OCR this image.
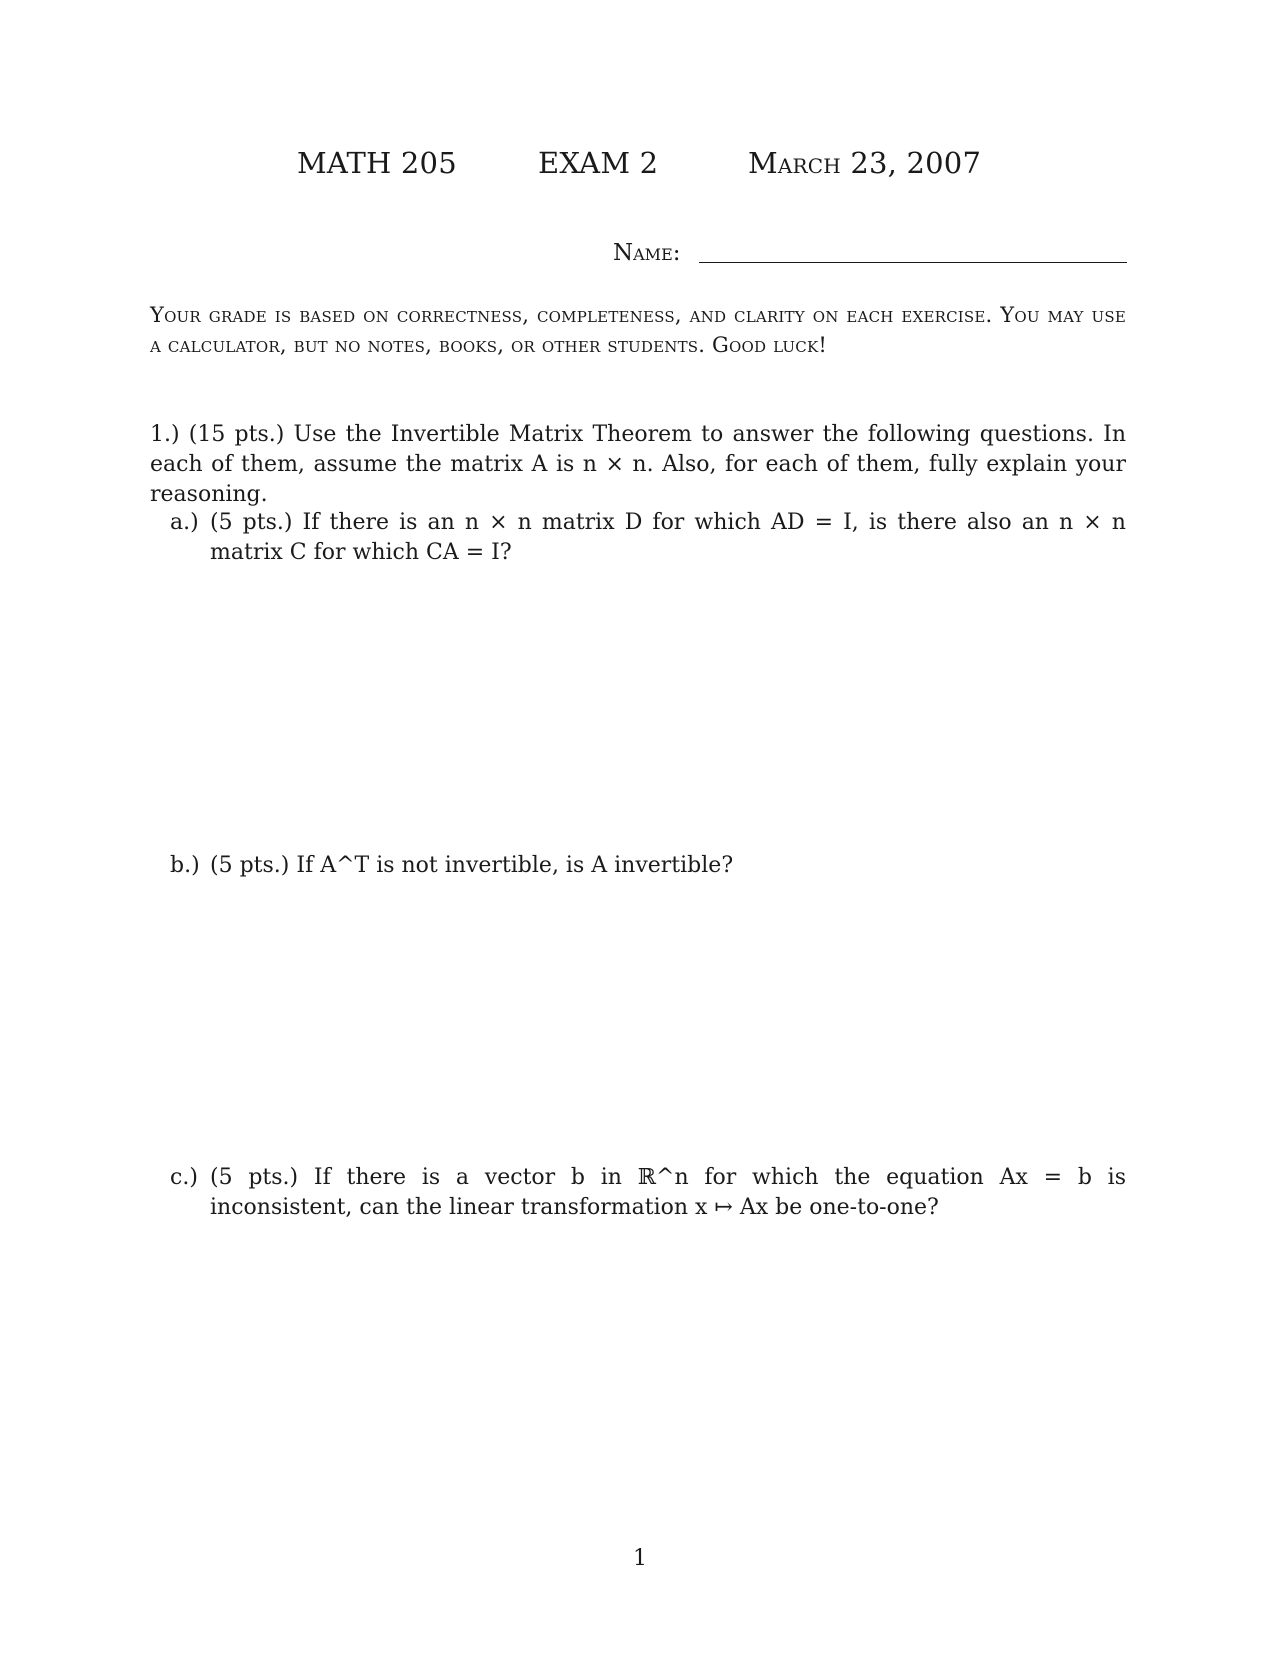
MATH 205	EXAM 2	March 23, 2007
Name:
Your grade is based on correctness, completeness, and clarity on each exercise. You may use a calculator, but no notes, books, or other students. Good luck!
1.) (15 pts.) Use the Invertible Matrix Theorem to answer the following questions. In each of them, assume the matrix A is n × n. Also, for each of them, fully explain your reasoning.
a.) (5 pts.) If there is an n × n matrix D for which AD = I, is there also an n × n matrix C for which CA = I?
b.) (5 pts.) If A^T is not invertible, is A invertible?
c.) (5 pts.) If there is a vector b in ℝ^n for which the equation Ax = b is inconsistent, can the linear transformation x ↦ Ax be one-to-one?
1
